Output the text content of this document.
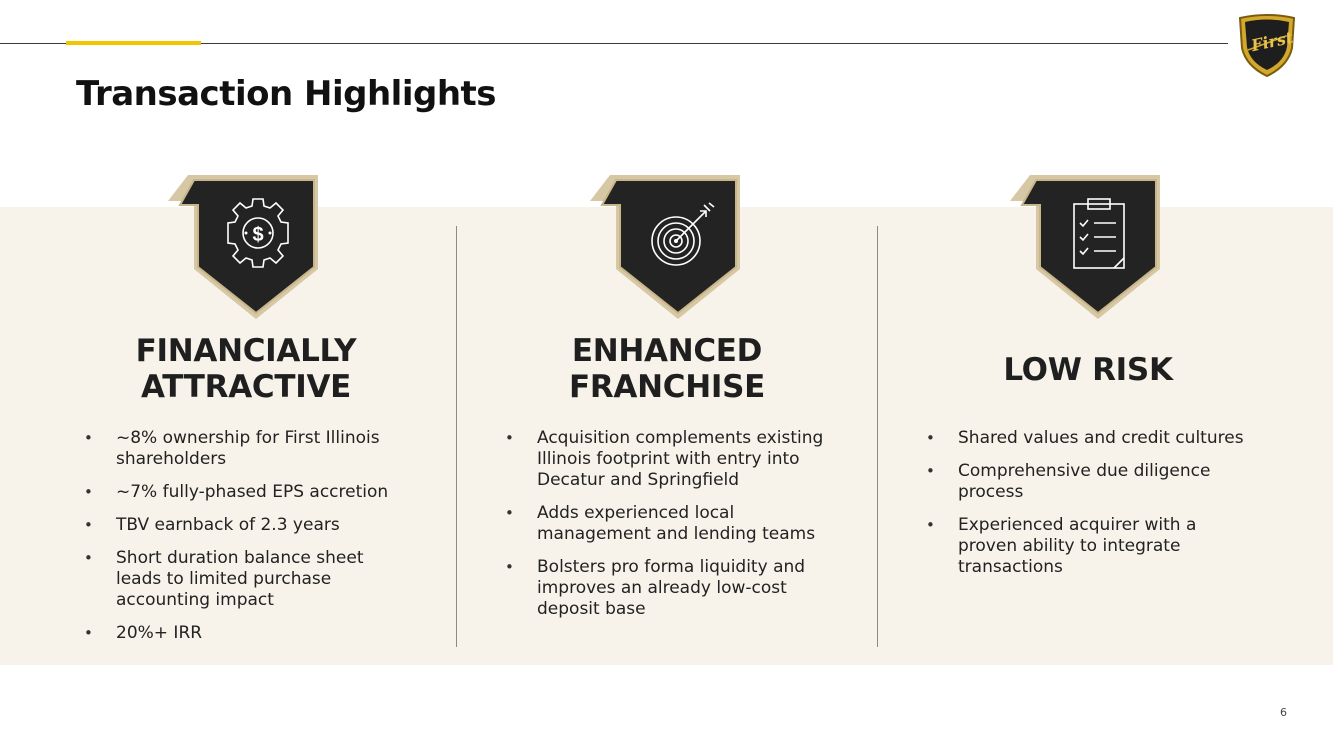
First
Transaction Highlights
$
FINANCIALLY
ATTRACTIVE
• ~8% ownership for First Illinois shareholders
• ~7% fully-phased EPS accretion
• TBV earnback of 2.3 years
• Short duration balance sheet leads to limited purchase accounting impact
• 20%+ IRR
ENHANCED
FRANCHISE
• Acquisition complements existing Illinois footprint with entry into Decatur and Springfield
• Adds experienced local management and lending teams
• Bolsters pro forma liquidity and improves an already low-cost deposit base
LOW RISK
• Shared values and credit cultures
• Comprehensive due diligence process
• Experienced acquirer with a proven ability to integrate transactions
6
